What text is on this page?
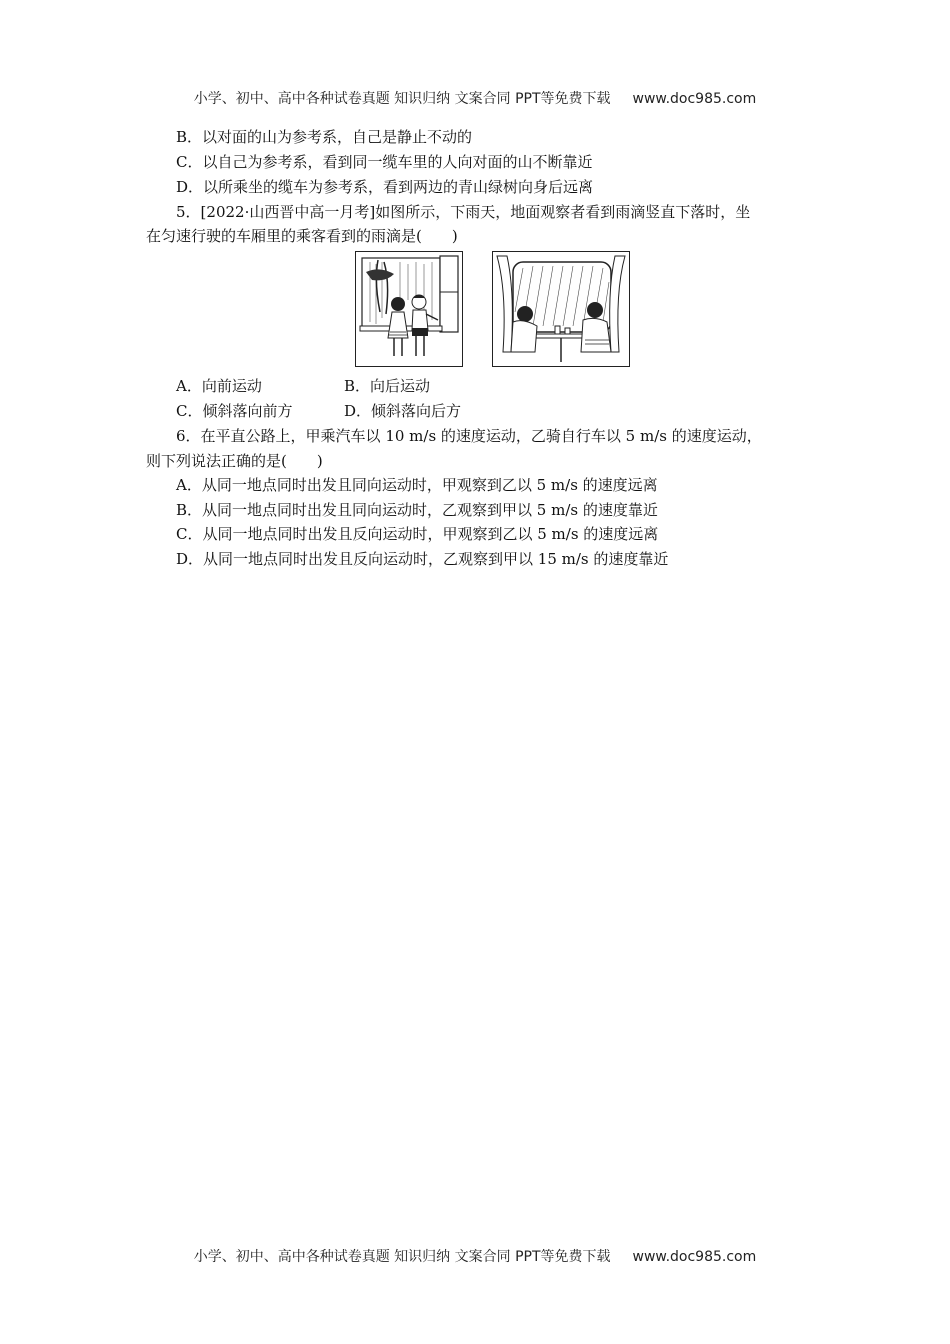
小学、初中、高中各种试卷真题 知识归纳 文案合同 PPT等免费下载 www.doc985.com
B．以对面的山为参考系，自己是静止不动的
C．以自己为参考系，看到同一缆车里的人向对面的山不断靠近
D．以所乘坐的缆车为参考系，看到两边的青山绿树向身后远离
5．[2022·山西晋中高一月考]如图所示，下雨天，地面观察者看到雨滴竖直下落时，坐
在匀速行驶的车厢里的乘客看到的雨滴是(　　)
A．向前运动	B．向后运动
C．倾斜落向前方	D．倾斜落向后方
6．在平直公路上，甲乘汽车以 10 m/s 的速度运动，乙骑自行车以 5 m/s 的速度运动，
则下列说法正确的是(　　)
A．从同一地点同时出发且同向运动时，甲观察到乙以 5 m/s 的速度远离
B．从同一地点同时出发且同向运动时，乙观察到甲以 5 m/s 的速度靠近
C．从同一地点同时出发且反向运动时，甲观察到乙以 5 m/s 的速度远离
D．从同一地点同时出发且反向运动时，乙观察到甲以 15 m/s 的速度靠近
小学、初中、高中各种试卷真题 知识归纳 文案合同 PPT等免费下载 www.doc985.com
